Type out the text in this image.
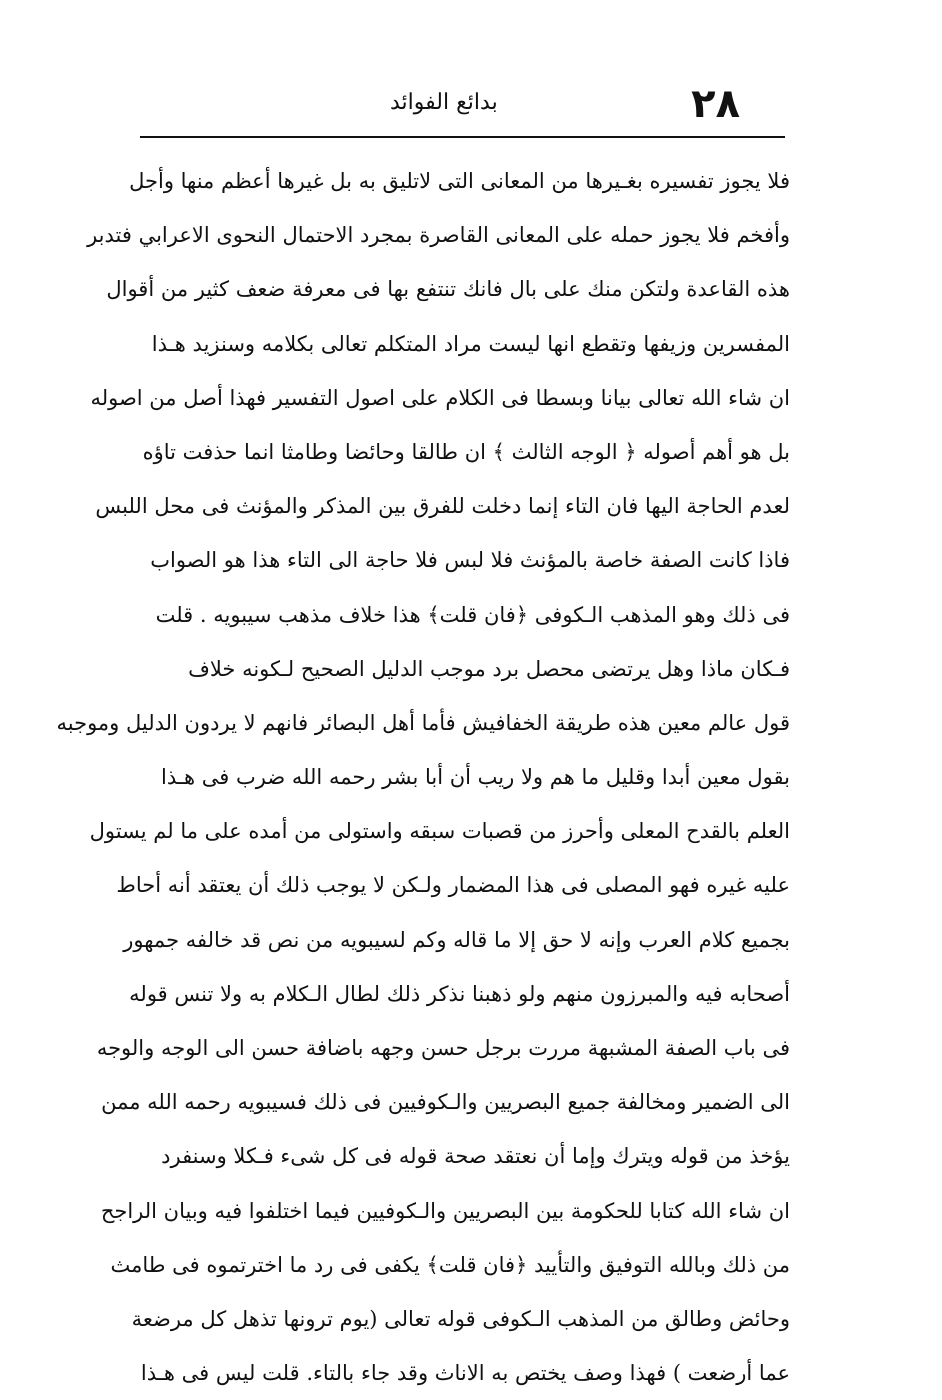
٢٨
بدائع الفوائد
فلا يجوز تفسيره بغـيرها من المعانى التى لاتليق به بل غيرها أعظم منها وأجل
وأفخم فلا يجوز حمله على المعانى القاصرة بمجرد الاحتمال النحوى الاعرابي فتدبر
هذه القاعدة ولتكن منك على بال فانك تنتفع بها فى معرفة ضعف كثير من أقوال
المفسرين وزيفها وتقطع انها ليست مراد المتكلم تعالى بكلامه وسنزيد هـذا
ان شاء الله تعالى بيانا وبسطا فى الكلام على اصول التفسير فهذا أصل من اصوله
بل هو أهم أصوله ﴿ الوجه الثالث ﴾ ان طالقا وحائضا وطامثا انما حذفت تاؤه
لعدم الحاجة اليها فان التاء إنما دخلت للفرق بين المذكر والمؤنث فى محل اللبس
فاذا كانت الصفة خاصة بالمؤنث فلا لبس فلا حاجة الى التاء هذا هو الصواب
فى ذلك وهو المذهب الـكوفى ﴿فان قلت﴾ هذا خلاف مذهب سيبويه . قلت
فـكان ماذا وهل يرتضى محصل برد موجب الدليل الصحيح لـكونه خلاف
قول عالم معين هذه طريقة الخفافيش فأما أهل البصائر فانهم لا يردون الدليل وموجبه
بقول معين أبدا وقليل ما هم ولا ريب أن أبا بشر رحمه الله ضرب فى هـذا
العلم بالقدح المعلى وأحرز من قصبات سبقه واستولى من أمده على ما لم يستول
عليه غيره فهو المصلى فى هذا المضمار ولـكن لا يوجب ذلك أن يعتقد أنه أحاط
بجميع كلام العرب وإنه لا حق إلا ما قاله وكم لسيبويه من نص قد خالفه جمهور
أصحابه فيه والمبرزون منهم ولو ذهبنا نذكر ذلك لطال الـكلام به ولا تنس قوله
فى باب الصفة المشبهة مررت برجل حسن وجهه باضافة حسن الى الوجه والوجه
الى الضمير ومخالفة جميع البصريين والـكوفيين فى ذلك فسيبويه رحمه الله ممن
يؤخذ من قوله ويترك وإما أن نعتقد صحة قوله فى كل شىء فـكلا وسنفرد
ان شاء الله كتابا للحكومة بين البصريين والـكوفيين فيما اختلفوا فيه وبيان الراجح
من ذلك وبالله التوفيق والتأييد ﴿فان قلت﴾ يكفى فى رد ما اخترتموه فى طامث
وحائض وطالق من المذهب الـكوفى قوله تعالى (يوم ترونها تذهل كل مرضعة
عما أرضعت ) فهذا وصف يختص به الاناث وقد جاء بالتاء. قلت ليس فى هـذا
